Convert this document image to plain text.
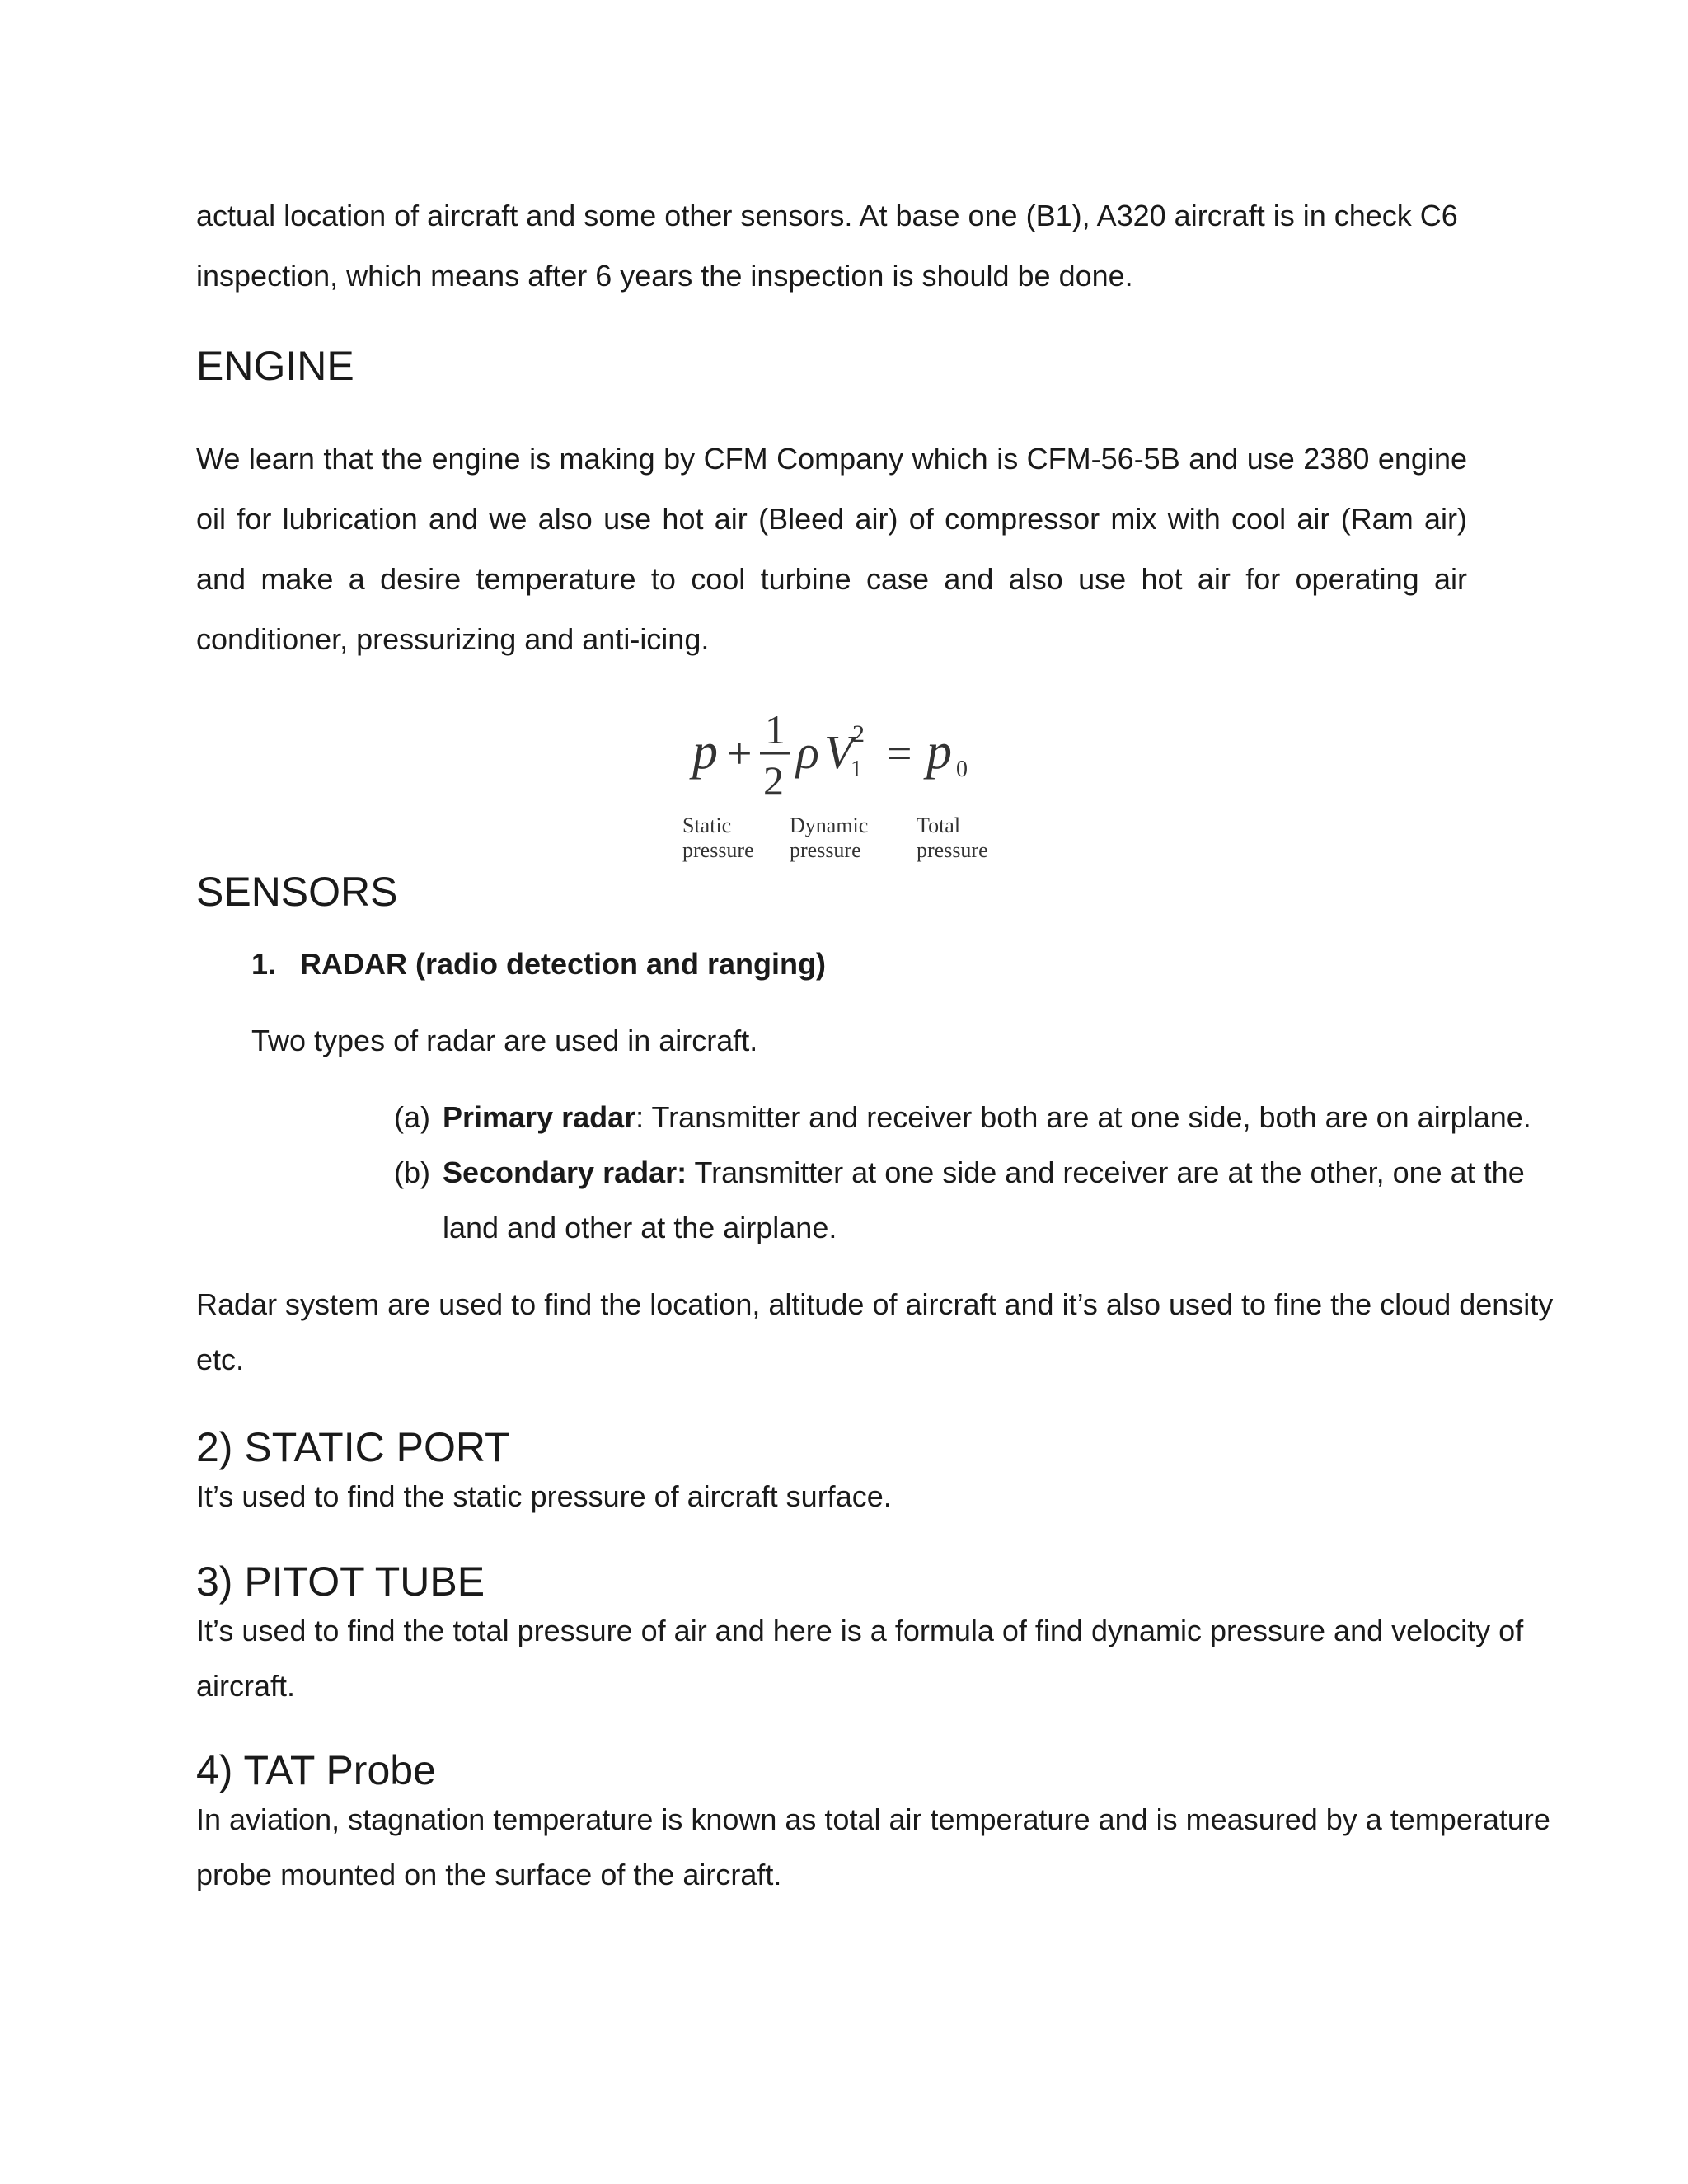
actual location of aircraft and some other sensors. At base one (B1), A320 aircraft is in check C6
inspection, which means after 6 years the inspection is should be done.
ENGINE
We learn that the engine is making by CFM Company which is CFM-56-5B and use 2380 engine
oil for lubrication and we also use hot air (Bleed air) of compressor mix with cool air (Ram air)
and make a desire temperature to cool turbine case and also use hot air for operating air
conditioner, pressurizing and anti-icing.
p + 1
2
ρ V
2
1 = p 0
Static
pressure
Dynamic
pressure
Total
pressure
SENSORS
1. RADAR (radio detection and ranging)
Two types of radar are used in aircraft.
(a) Primary radar: Transmitter and receiver both are at one side, both are on airplane.
(b) Secondary radar: Transmitter at one side and receiver are at the other, one at the
land and other at the airplane.
Radar system are used to find the location, altitude of aircraft and it’s also used to fine the cloud density
etc.
2) STATIC PORT
It’s used to find the static pressure of aircraft surface.
3) PITOT TUBE
It’s used to find the total pressure of air and here is a formula of find dynamic pressure and velocity of
aircraft.
4) TAT Probe
In aviation, stagnation temperature is known as total air temperature and is measured by a temperature
probe mounted on the surface of the aircraft.
